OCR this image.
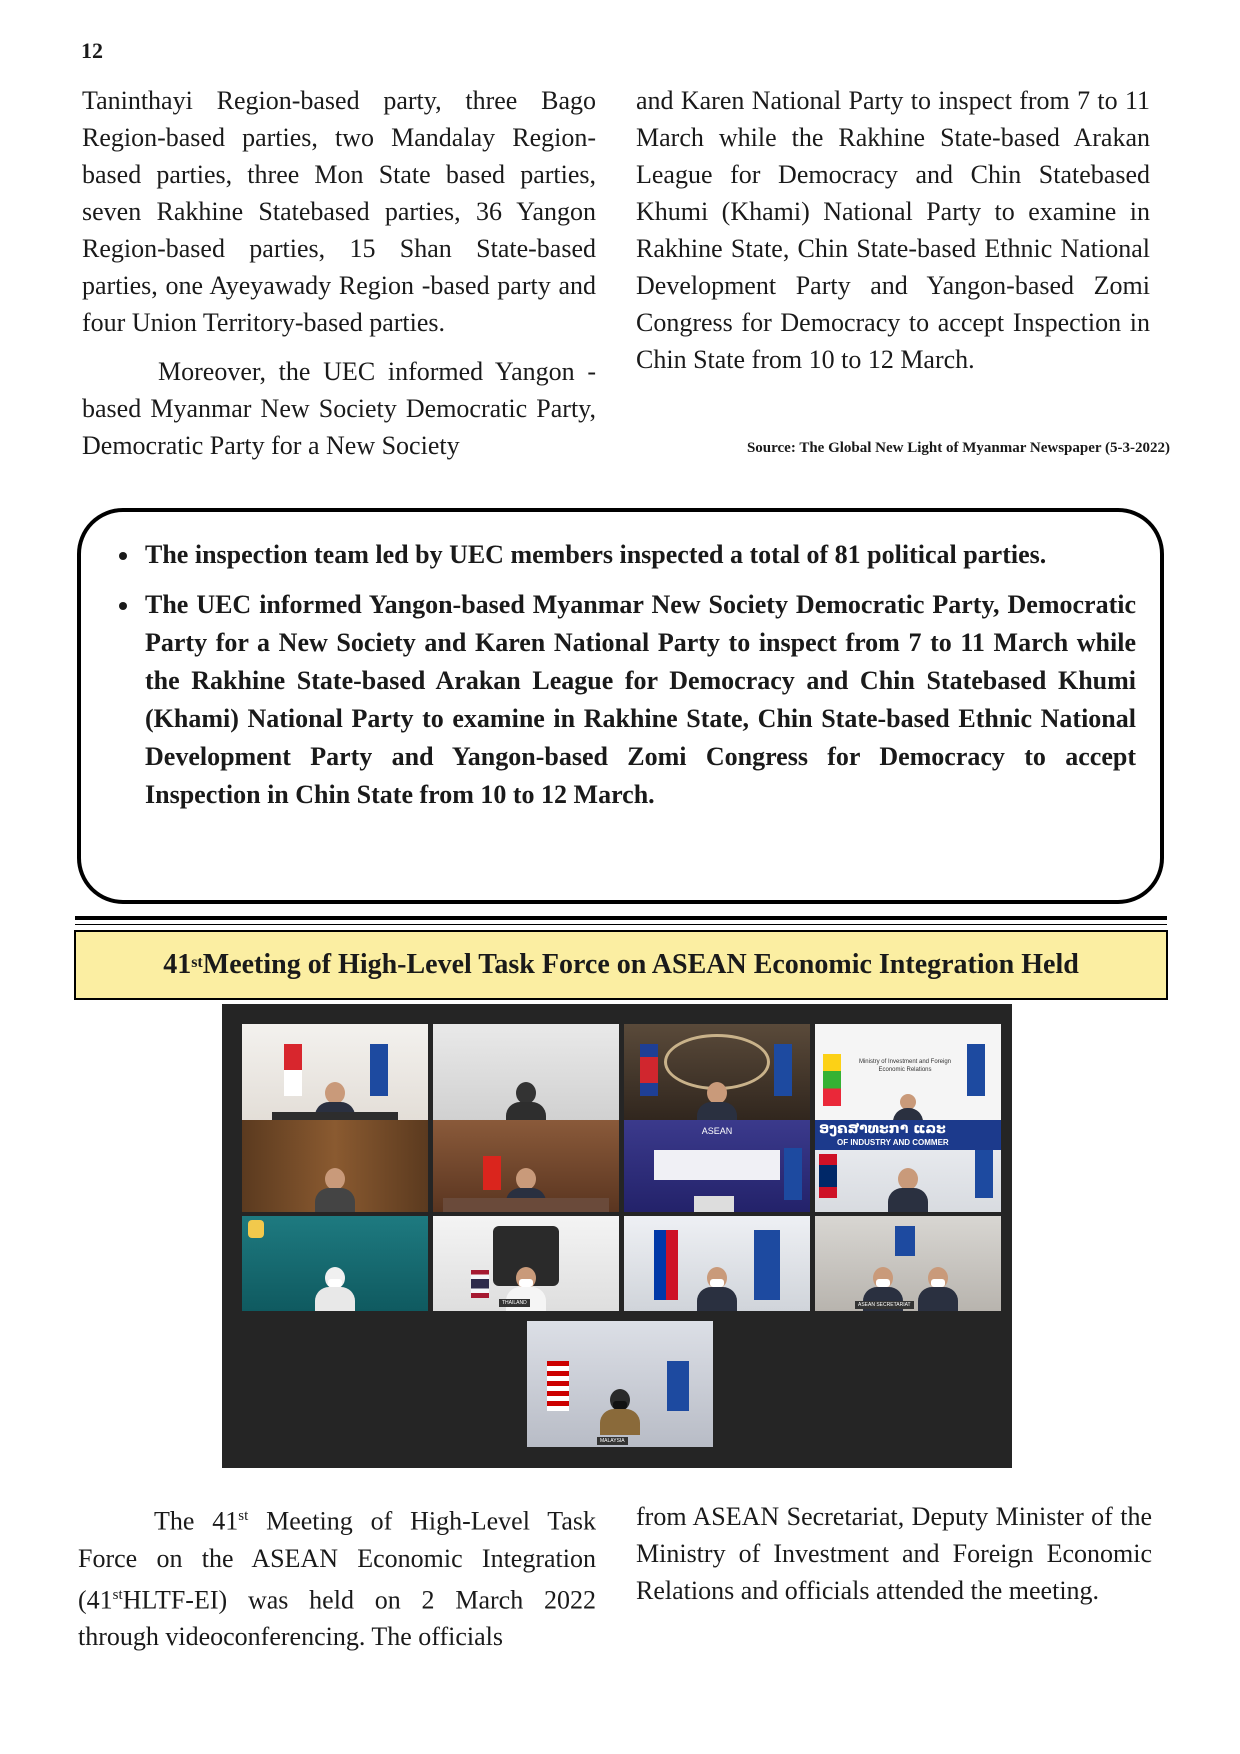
12

Taninthayi Region-based party, three Bago Region-based parties, two Mandalay Region-based parties, three Mon State based parties, seven Rakhine Statebased parties, 36 Yangon Region-based parties, 15 Shan State-based parties, one Ayeyawady Region -based party and four Union Territory-based parties.

Moreover, the UEC informed Yangon -based Myanmar New Society Democratic Party, Democratic Party for a New Society

and Karen National Party to inspect from 7 to 11 March while the Rakhine State-based Arakan League for Democracy and Chin Statebased Khumi (Khami) National Party to examine in Rakhine State, Chin State-based Ethnic National Development Party and Yangon-based Zomi Congress for Democracy to accept Inspection in Chin State from 10 to 12 March.

Source: The Global New Light of Myanmar Newspaper (5-3-2022)
• The inspection team led by UEC members inspected a total of 81 political parties.
• The UEC informed Yangon-based Myanmar New Society Democratic Party, Democratic Party for a New Society and Karen National Party to inspect from 7 to 11 March while the Rakhine State-based Arakan League for Democracy and Chin Statebased Khumi (Khami) National Party to examine in Rakhine State, Chin State-based Ethnic National Development Party and Yangon-based Zomi Congress for Democracy to accept Inspection in Chin State from 10 to 12 March.
41st Meeting of High-Level Task Force on ASEAN Economic Integration Held
Ministry of Investment and Foreign Economic Relations
ASEAN	ອງຄສາທະກາ ແລະ
OF INDUSTRY AND COMMER
THAILAND	ASEAN SECRETARIAT
MALAYSIA

The 41st Meeting of High-Level Task Force on the ASEAN Economic Integration (41stHLTF-EI) was held on 2 March 2022 through videoconferencing. The officials

from ASEAN Secretariat, Deputy Minister of the Ministry of Investment and Foreign Economic Relations and officials attended the meeting.
